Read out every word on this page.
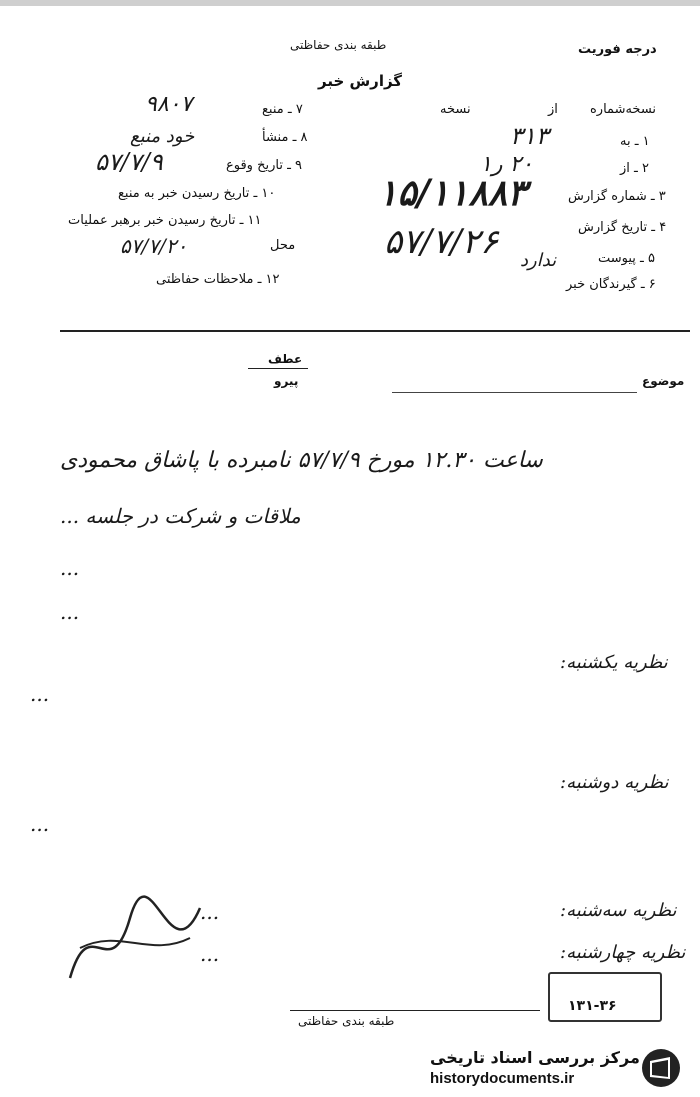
طبقه بندی حفاظتی	درجه فوریت
گزارش خبر
نسخه‌شماره
از
نسخه
۱ ـ به
۲ ـ از
۳ ـ شماره گزارش
۴ ـ تاریخ گزارش
۵ ـ پیوست
۶ ـ گیرندگان خبر
۳۱۳
۲۰ ر۱
۱۵/۱۱۸۸۳
۵۷/۷/۲۶ ندارد
۷ ـ منبع
۸ ـ منشأ
۹ ـ تاریخ وقوع
۱۰ ـ تاریخ رسیدن خبر به منبع
۱۱ ـ تاریخ رسیدن خبر برهبر عملیات
محل
۱۲ ـ ملاحظات حفاظتی
۹۸۰۷
خود منبع
۵۷/۷/۹
۵۷/۷/۲۰
عطف
پیرو	موضوع
ساعت ۱۲.۳۰ مورخ ۵۷/۷/۹ نامبرده با پاشاق محمودی
ملاقات و شرکت در جلسه ...
...
...
نظریه یکشنبه:
...
نظریه دوشنبه:
...
نظریه سه‌شنبه:
...
نظریه چهارشنبه:
...
۱۳۱-۳۶
طبقه بندی حفاظتی
مرکز بررسی اسناد تاریخی
historydocuments.ir
